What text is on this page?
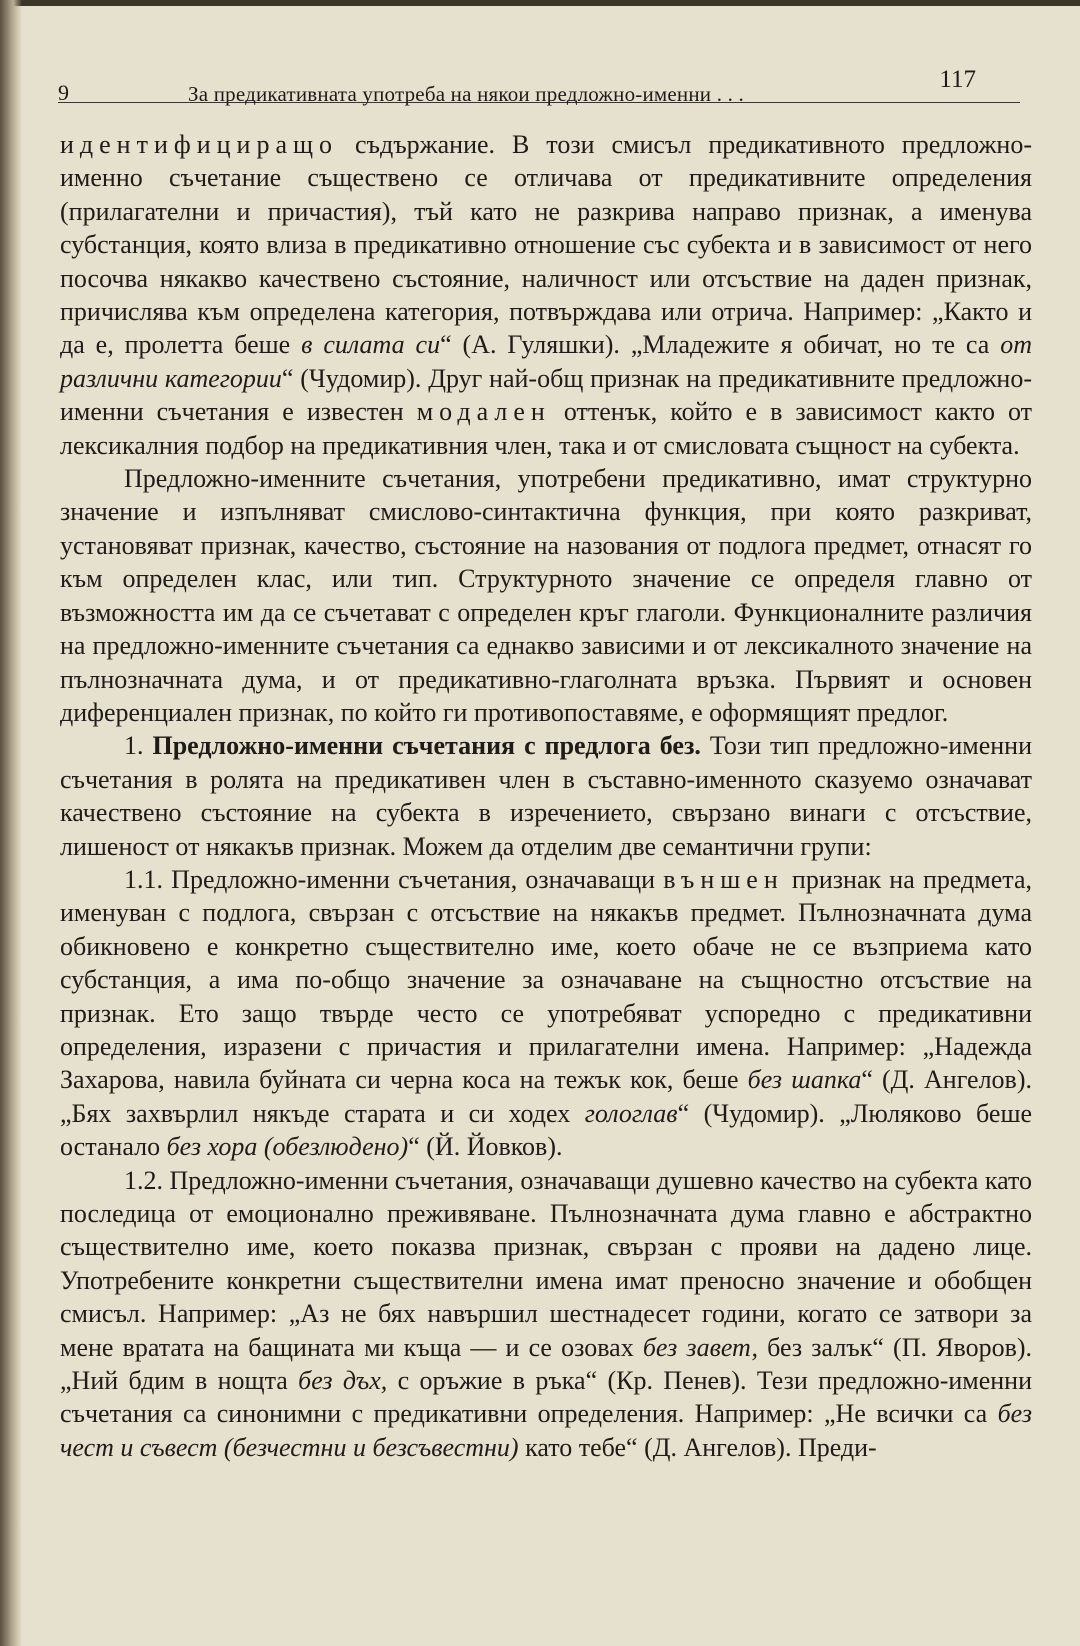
9	За предикативната употреба на някои предложно-именни . . .
117

идентифициращо съдържание. В този смисъл предикативното предложно-именно съчетание съществено се отличава от предикативните определения (прилагателни и причастия), тъй като не разкрива направо признак, а именува субстанция, която влиза в предикативно отношение със субекта и в зависимост от него посочва някакво качествено състояние, наличност или отсъствие на даден признак, причислява към определена категория, потвърждава или отрича. Например: „Както и да е, пролетта беше в силата си“ (А. Гуляшки). „Младежите я обичат, но те са от различни категории“ (Чудомир). Друг най-общ признак на предикативните предложно-именни съчетания е известен модален оттенък, който е в зависимост както от лексикалния подбор на предикативния член, така и от смисловата същност на субекта.

Предложно-именните съчетания, употребени предикативно, имат структурно значение и изпълняват смислово-синтактична функция, при която разкриват, установяват признак, качество, състояние на назования от подлога предмет, отнасят го към определен клас, или тип. Структурното значение се определя главно от възможността им да се съчетават с определен кръг глаголи. Функционалните различия на предложно-именните съчетания са еднакво зависими и от лексикалното значение на пълнозначната дума, и от предикативно-глаголната връзка. Първият и основен диференциален признак, по който ги противопоставяме, е оформящият предлог.

1. Предложно-именни съчетания с предлога без. Този тип предложно-именни съчетания в ролята на предикативен член в съставно-именното сказуемо означават качествено състояние на субекта в изречението, свързано винаги с отсъствие, лишеност от някакъв признак. Можем да отделим две семантични групи:

1.1. Предложно-именни съчетания, означаващи външен признак на предмета, именуван с подлога, свързан с отсъствие на някакъв предмет. Пълнозначната дума обикновено е конкретно съществително име, което обаче не се възприема като субстанция, а има по-общо значение за означаване на същностно отсъствие на признак. Ето защо твърде често се употребяват успоредно с предикативни определения, изразени с причастия и прилагателни имена. Например: „Надежда Захарова, навила буйната си черна коса на тежък кок, беше без шапка“ (Д. Ангелов). „Бях захвърлил някъде старата и си ходех гологлав“ (Чудомир). „Люляково беше останало без хора (обезлюдено)“ (Й. Йовков).

1.2. Предложно-именни съчетания, означаващи душевно качество на субекта като последица от емоционално преживяване. Пълнозначната дума главно е абстрактно съществително име, което показва признак, свързан с прояви на дадено лице. Употребените конкретни съществителни имена имат преносно значение и обобщен смисъл. Например: „Аз не бях навършил шестнадесет години, когато се затвори за мене вратата на бащината ми къща — и се озовах без завет, без залък“ (П. Яворов). „Ний бдим в нощта без дъх, с оръжие в ръка“ (Кр. Пенев). Тези предложно-именни съчетания са синонимни с предикативни определения. Например: „Не всички са без чест и съвест (безчестни и безсъвестни) като тебе“ (Д. Ангелов). Преди-
